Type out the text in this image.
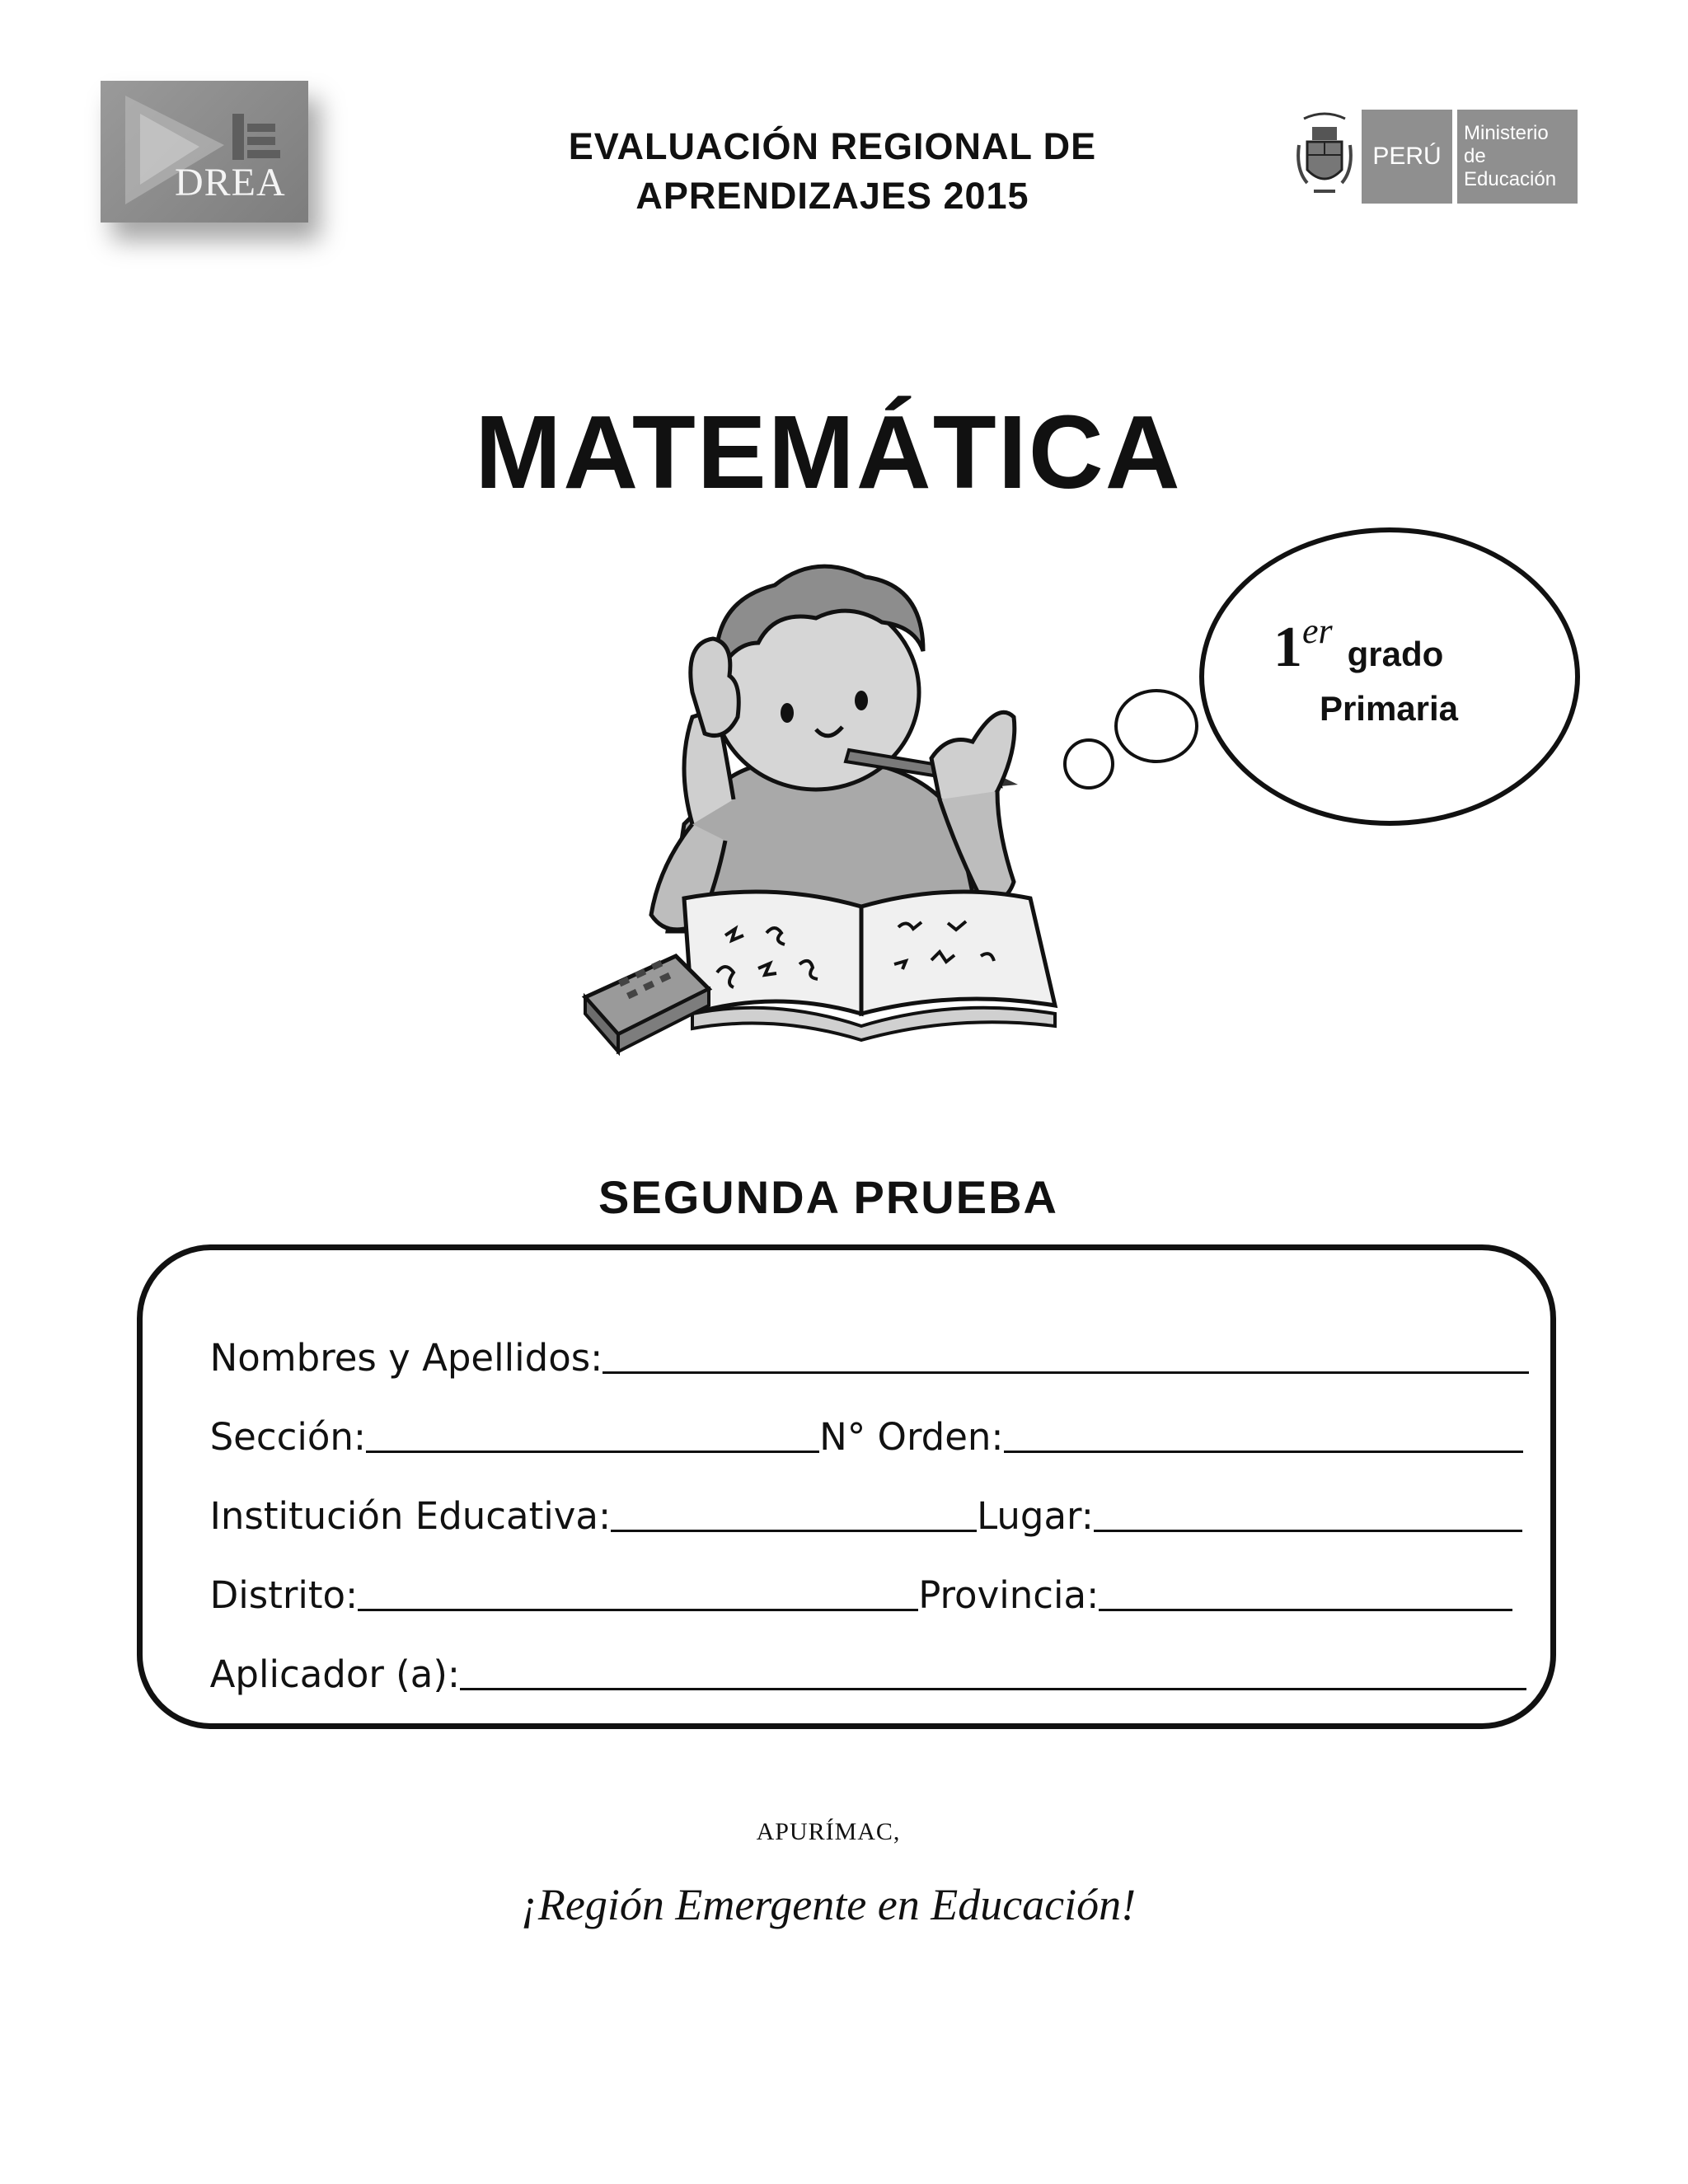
DREA
EVALUACIÓN REGIONAL DE
APRENDIZAJES 2015
PERÚ
Ministerio
de Educación
MATEMÁTICA
1ergrado
Primaria
SEGUNDA PRUEBA

Nombres y Apellidos:

Sección:	N° Orden:

Institución Educativa:	Lugar:

Distrito:	Provincia:

Aplicador (a):

APURÍMAC,
¡Región Emergente en Educación!
